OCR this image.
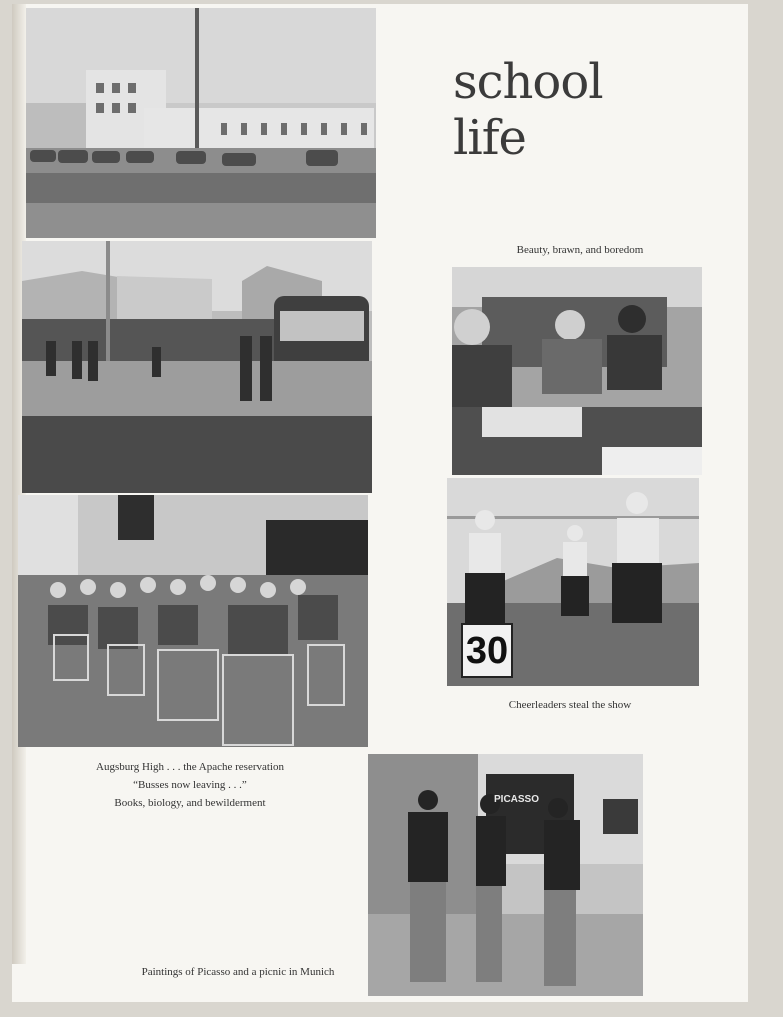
school
life
Beauty, brawn, and boredom
30
Cheerleaders steal the show
Augsburg High . . . the Apache reservation
“Busses now leaving . . .”
Books, biology, and bewilderment
Paintings of Picasso and a picnic in Munich
PICASSO
